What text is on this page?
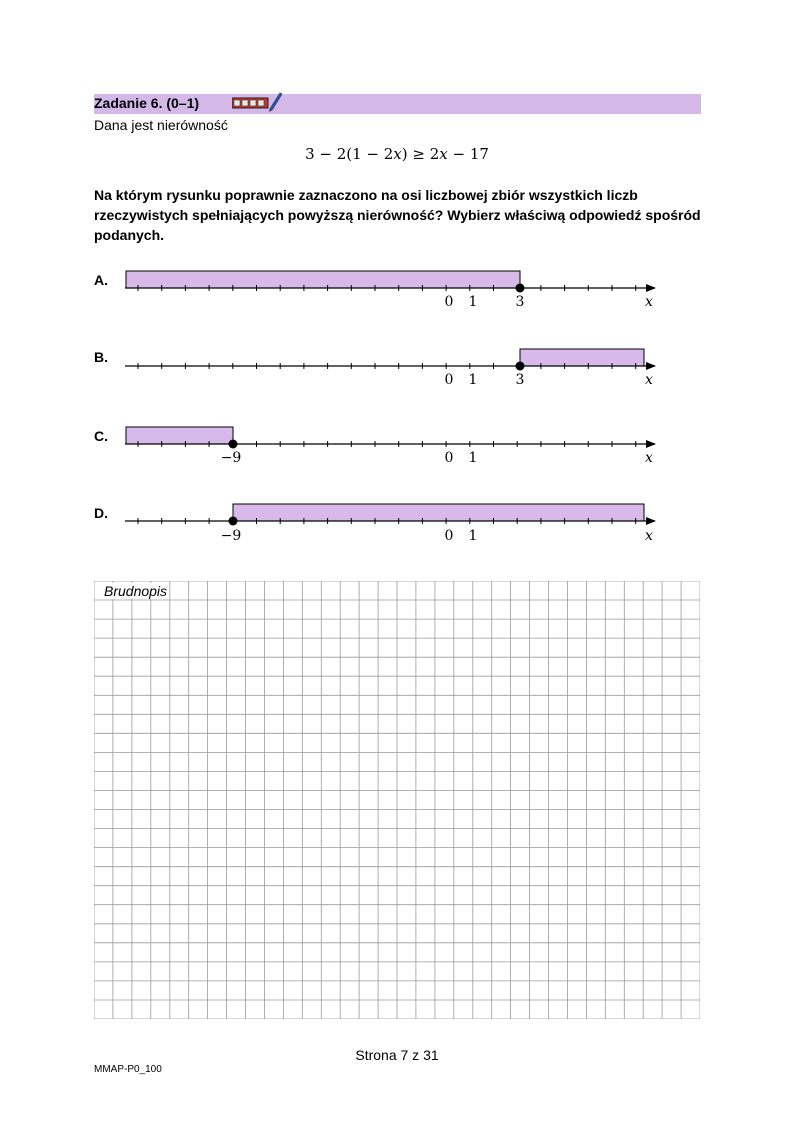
Zadanie 6. (0–1)
Dana jest nierówność
3 − 2(1 − 2𝑥) ≥ 2𝑥 − 17
Na którym rysunku poprawnie zaznaczono na osi liczbowej zbiór wszystkich liczb rzeczywistych spełniających powyższą nierówność? Wybierz właściwą odpowiedź spośród podanych.
A.
B.
C.
D.
0 1	3	𝑥
0 1	3	𝑥
−9	0 1	𝑥
−9	0 1	𝑥
Brudnopis
Strona 7 z 31
MMAP-P0_100
